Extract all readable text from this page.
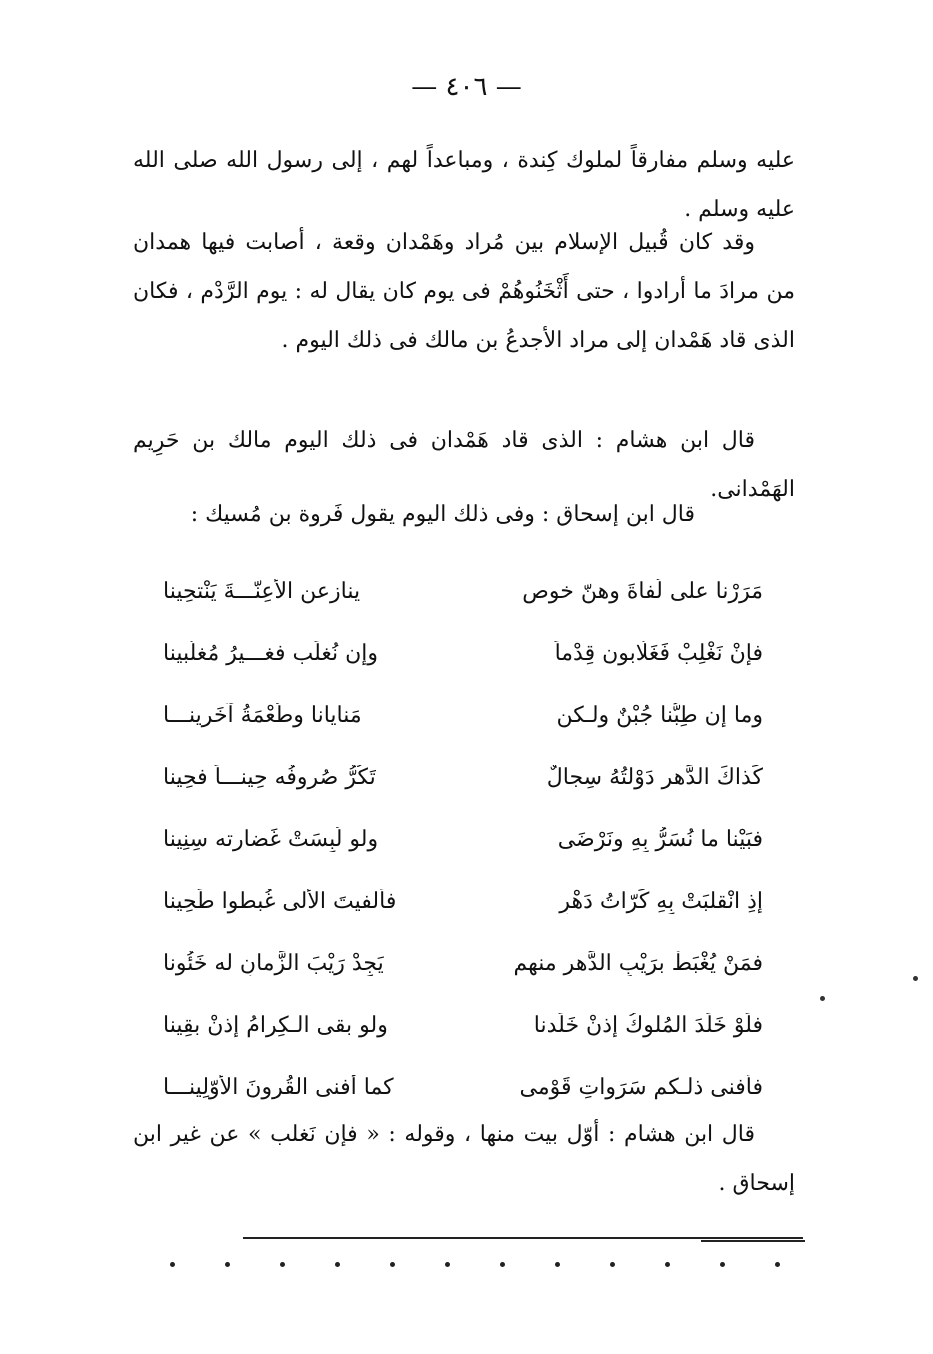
— ٤٠٦ —

عليه وسلم مفارقاً لملوك كِندة ، ومباعداً لهم ، إلى رسول الله صلى الله عليه وسلم .

وقد كان قُبيل الإسلام بين مُراد وهَمْدان وقعة ، أصابت فيها همدان من مرادَ ما أرادوا ، حتى أَثْخَنُوهُمْ فى يوم كان يقال له : يوم الرَّدْم ، فكان الذى قاد هَمْدان إلى مراد الأجدعُ بن مالك فى ذلك اليوم .

قال ابن هشام : الذى قاد هَمْدان فى ذلك اليوم مالك بن حَرِيم الهَمْدانى.

قال ابن إسحاق : وفى ذلك اليوم يقول فَروة بن مُسيك :

مَرَرْنا على لُفاةَ وهنّ خوص
ينازعن الأعِنّـــةَ يَنْتحِينا
فإنْ نَغْلِبْ فَغَلّابون قِدْماً
وإن نُغلَب فغـــيرُ مُغلَّبينا
وما إن طِبُّنا جُبْنٌ ولـكن
مَنايانا وطُعْمَةُ آخَرينـــا
كَذاكَ الدَّهرِ دَوْلتُهُ سِجالٌ
تَكُرُّ صُروفُه حِينـــاً فحِينا
فبَيْنا ما نُسَرُّ بِهِ ونَرْضَى
ولو لُبِسَتْ غَضارته سِنِينا
إذِ انْقلبَتْ بِهِ كَرّاتُ دَهْرٍ
فألفيتَ الأُلى غُبطوا طَحِينا
فمَنْ يُغْبَطْ برَيْبِ الدَّهرِ منهم
يَجِدْ رَيْبَ الزَّمانِ له خَئُونا
فلَوْ خَلَدَ المُلوكُ إذنْ خَلَدنا
ولو بقى الـكِرامُ إذنْ بقِينا
فأفنى ذلـكم سَرَواتِ قَوْمى
كما أفنى القُرونَ الأوّلِينـــا

قال ابن هشام : أوّل بيت منها ، وقوله : « فإن نَغلب » عن غير ابن إسحاق .
